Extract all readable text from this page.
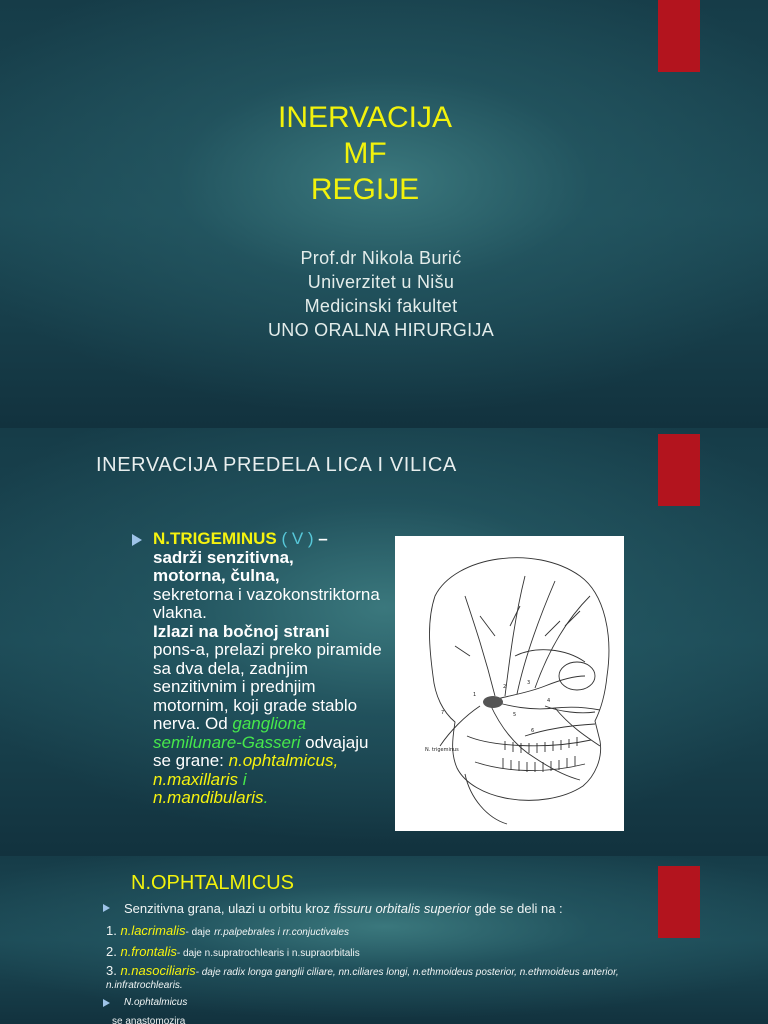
INERVACIJA
MF
REGIJE
Prof.dr Nikola Burić
Univerzitet u Nišu
Medicinski fakultet
UNO ORALNA HIRURGIJA
INERVACIJA PREDELA LICA I VILICA
N.TRIGEMINUS ( V ) –
sadrži senzitivna,
motorna, čulna,
sekretorna i vazokonstriktorna vlakna.
Izlazi na bočnoj strani
pons-a, prelazi preko piramide sa dva dela, zadnjim senzitivnim i prednjim motornim, koji grade stablo nerva. Od gangliona semilunare-Gasseri odvajaju se grane: n.ophtalmicus,
n.maxillaris i
n.mandibularis.
1
2
3
4
5
6
7
N. trigeminus
N.OPHTALMICUS
Senzitivna grana, ulazi u orbitu kroz fissuru orbitalis superior gde se deli na :
1. n.lacrimalis- daje rr.palpebrales i rr.conjuctivales
2. n.frontalis- daje n.supratrochlearis i n.supraorbitalis
3. n.nasociliaris- daje radix longa ganglii ciliare, nn.ciliares longi, n.ethmoideus posterior, n.ethmoideus anterior, n.infratrochlearis.
N.ophtalmicus
se anastomozira
